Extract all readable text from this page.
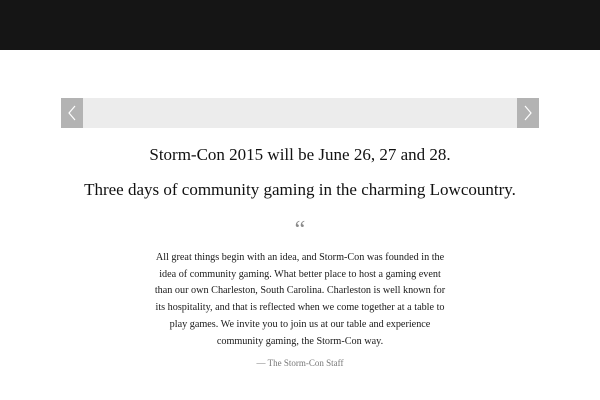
Storm-Con 2015 will be June 26, 27 and 28.
Three days of community gaming in the charming Lowcountry.
“

All great things begin with an idea, and Storm-Con was founded in the idea of community gaming. What better place to host a gaming event than our own Charleston, South Carolina. Charleston is well known for its hospitality, and that is reflected when we come together at a table to play games. We invite you to join us at our table and experience community gaming, the Storm-Con way.

— The Storm-Con Staff
